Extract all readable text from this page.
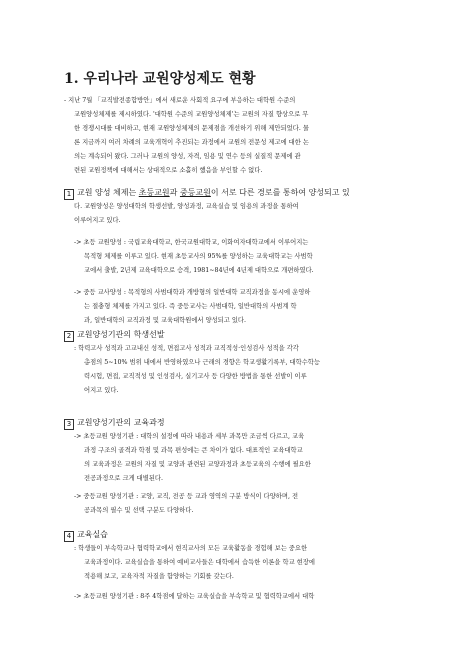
1. 우리나라 교원양성제도 현황

- 지난 7월 「교직발전종합방안」에서 새로운 사회적 요구에 부응하는 대학원 수준의

교원양성체제를 제시하였다. '대학원 수준의 교원양성체제'는 교원의 자질 향상으로 무

한 경쟁시대를 대비하고, 현재 교원양성체제의 문제점을 개선하기 위해 제안되었다. 물

론 지금까지 여러 차례의 교육개혁이 추진되는 과정에서 교원의 전문성 제고에 대한 논

의는 계속되어 왔다. 그러나 교원의 양성, 자격, 임용 및 연수 등의 실질적 문제에 관

련된 교원정책에 대해서는 상대적으로 소홀히 했음을 부인할 수 없다.

1 교원 양성 체제는 초등교원과 중등교원이 서로 다른 경로를 통하여 양성되고 있

다. 교원양성은 양성대학의 학생선발, 양성과정, 교육실습 및 임용의 과정을 통하여

이루어지고 있다.

-> 초등 교원양성 : 국립교육대학교, 한국교원대학교, 이화여자대학교에서 이루어지는

목적형 체제를 이루고 있다. 현재 초등교사의 95%를 양성하는 교육대학교는 사범학

교에서 출발, 2년제 교육대학으로 승격, 1981~84년에 4년제 대학으로 개편하였다.

-> 중등 교사양성 : 목적형의 사범대학과 개방형의 일반대학 교직과정을 동시에 운영하

는 절충형 체제를 가지고 있다. 즉 중등교사는 사범대학, 일반대학의 사범계 학

과, 일반대학의 교직과정 및 교육대학원에서 양성되고 있다.

2 교원양성기관의 학생선발

: 학력고사 성적과 고교내신 성적, 면접고사 성적과 교직적성·인성검사 성적을 각각

총점의 5~10% 범위 내에서 반영하였으나 근래의 경향은 학교생활기록부, 대학수학능

력시험, 면접, 교직적성 및 인성검사, 실기고사 등 다양한 방법을 통한 선발이 이루

어지고 있다.

3 교원양성기관의 교육과정

-> 초등교원 양성기관 : 대학의 설정에 따라 내용과 세부 과목만 조금씩 다르고, 교육

과정 구조의 골격과 학점 및 과목 편성에는 큰 차이가 없다. 대표적인 교육대학교

의 교육과정은 교원의 자질 및 교양과 관련된 교양과정과 초등교육의 수행에 필요한

전공과정으로 크게 대별된다.

-> 중등교원 양성기관 : 교양, 교직, 전공 등 교과 영역의 구분 방식이 다양하며, 전

공과목의 필수 및 선택 구분도 다양하다.

4 교육실습

: 학생들이 부속학교나 협력학교에서 현직교사의 모든 교육활동을 경험해 보는 중요한

교육과정이다. 교육실습을 통하여 예비교사들은 대학에서 습득한 이론을 학교 현장에

적용해 보고, 교육자적 자질을 함양하는 기회를 갖는다.

-> 초등교원 양성기관 : 8주 4학점에 달하는 교육실습을 부속학교 및 협력학교에서 대학
